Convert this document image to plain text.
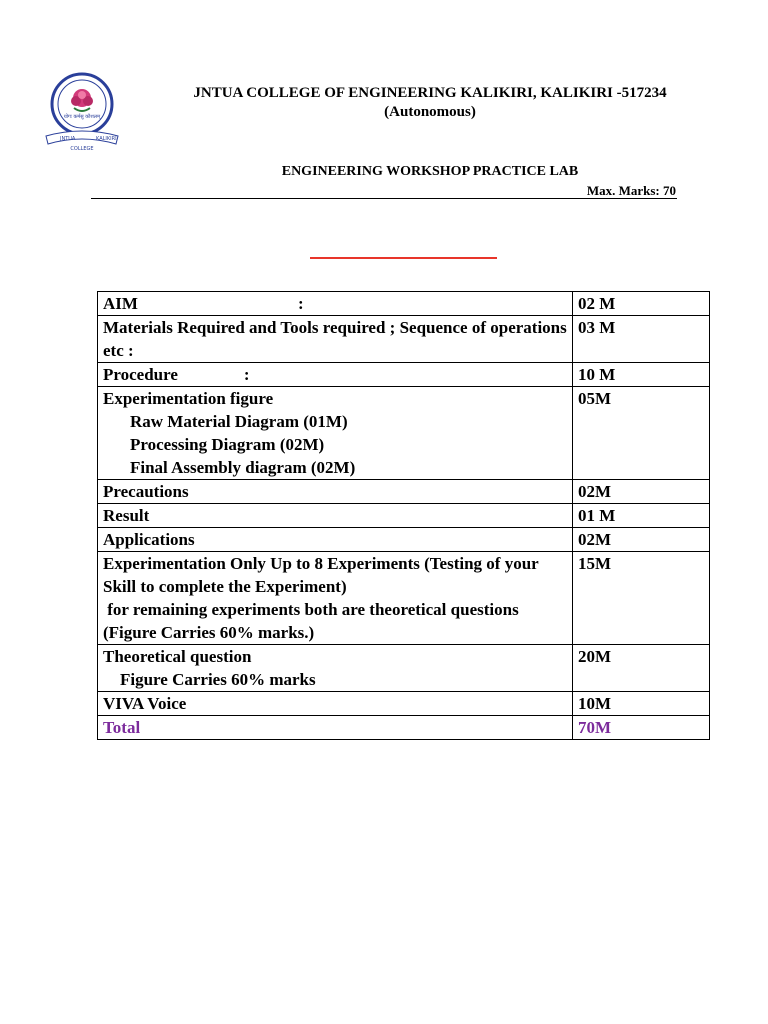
योगः कर्मसु कौशलम्
JNTUA	KALIKIRI
COLLEGE
JNTUA COLLEGE OF ENGINEERING KALIKIRI, KALIKIRI -517234
(Autonomous)
ENGINEERING WORKSHOP PRACTICE LAB
Max. Marks: 70
AIM :	02 M
Materials Required and Tools required ; Sequence of operations etc :	03 M
Procedure :	10 M
Experimentation figure
Raw Material Diagram (01M)
Processing Diagram (02M)
Final Assembly diagram (02M)	05M
Precautions	02M
Result	01 M
Applications	02M
Experimentation Only Up to 8 Experiments (Testing of your Skill to complete the Experiment)
for remaining experiments both are theoretical questions (Figure Carries 60% marks.)	15M
Theoretical question
Figure Carries 60% marks	20M
VIVA Voice	10M
Total	70M
